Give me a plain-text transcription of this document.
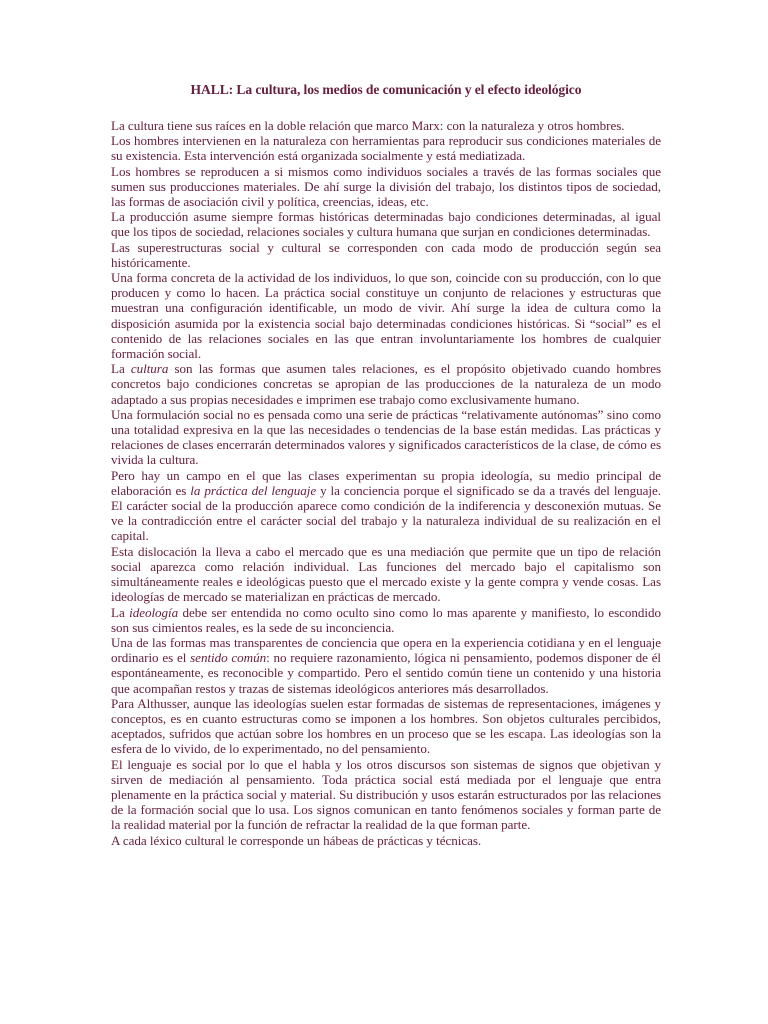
HALL: La cultura, los medios de comunicación y el efecto ideológico

La cultura tiene sus raíces en la doble relación que marco Marx: con la naturaleza y otros hombres.

Los hombres intervienen en la naturaleza con herramientas para reproducir sus condiciones materiales de su existencia. Esta intervención está organizada socialmente y está mediatizada.

Los hombres se reproducen a si mismos como individuos sociales a través de las formas sociales que sumen sus producciones materiales. De ahí surge la división del trabajo, los distintos tipos de sociedad, las formas de asociación civil y política, creencias, ideas, etc.

La producción asume siempre formas históricas determinadas bajo condiciones determinadas, al igual que los tipos de sociedad, relaciones sociales y cultura humana que surjan en condiciones determinadas.

Las superestructuras social y cultural se corresponden con cada modo de producción según sea históricamente.

Una forma concreta de la actividad de los individuos, lo que son, coincide con su producción, con lo que producen y como lo hacen. La práctica social constituye un conjunto de relaciones y estructuras que muestran una configuración identificable, un modo de vivir. Ahí surge la idea de cultura como la disposición asumida por la existencia social bajo determinadas condiciones históricas. Si “social” es el contenido de las relaciones sociales en las que entran involuntariamente los hombres de cualquier formación social.

La cultura son las formas que asumen tales relaciones, es el propósito objetivado cuando hombres concretos bajo condiciones concretas se apropian de las producciones de la naturaleza de un modo adaptado a sus propias necesidades e imprimen ese trabajo como exclusivamente humano.

Una formulación social no es pensada como una serie de prácticas “relativamente autónomas” sino como una totalidad expresiva en la que las necesidades o tendencias de la base están medidas. Las prácticas y relaciones de clases encerrarán determinados valores y significados característicos de la clase, de cómo es vivida la cultura.

Pero hay un campo en el que las clases experimentan su propia ideología, su medio principal de elaboración es la práctica del lenguaje y la conciencia porque el significado se da a través del lenguaje. El carácter social de la producción aparece como condición de la indiferencia y desconexión mutuas. Se ve la contradicción entre el carácter social del trabajo y la naturaleza individual de su realización en el capital.

Esta dislocación la lleva a cabo el mercado que es una mediación que permite que un tipo de relación social aparezca como relación individual. Las funciones del mercado bajo el capitalismo son simultáneamente reales e ideológicas puesto que el mercado existe y la gente compra y vende cosas. Las ideologías de mercado se materializan en prácticas de mercado.

La ideología debe ser entendida no como oculto sino como lo mas aparente y manifiesto, lo escondido son sus cimientos reales, es la sede de su inconciencia.

Una de las formas mas transparentes de conciencia que opera en la experiencia cotidiana y en el lenguaje ordinario es el sentido común: no requiere razonamiento, lógica ni pensamiento, podemos disponer de él espontáneamente, es reconocible y compartido. Pero el sentido común tiene un contenido y una historia que acompañan restos y trazas de sistemas ideológicos anteriores más desarrollados.

Para Althusser, aunque las ideologías suelen estar formadas de sistemas de representaciones, imágenes y conceptos, es en cuanto estructuras como se imponen a los hombres. Son objetos culturales percibidos, aceptados, sufridos que actúan sobre los hombres en un proceso que se les escapa. Las ideologías son la esfera de lo vivido, de lo experimentado, no del pensamiento.

El lenguaje es social por lo que el habla y los otros discursos son sistemas de signos que objetivan y sirven de mediación al pensamiento. Toda práctica social está mediada por el lenguaje que entra plenamente en la práctica social y material. Su distribución y usos estarán estructurados por las relaciones de la formación social que lo usa. Los signos comunican en tanto fenómenos sociales y forman parte de la realidad material por la función de refractar la realidad de la que forman parte.

A cada léxico cultural le corresponde un hábeas de prácticas y técnicas.
